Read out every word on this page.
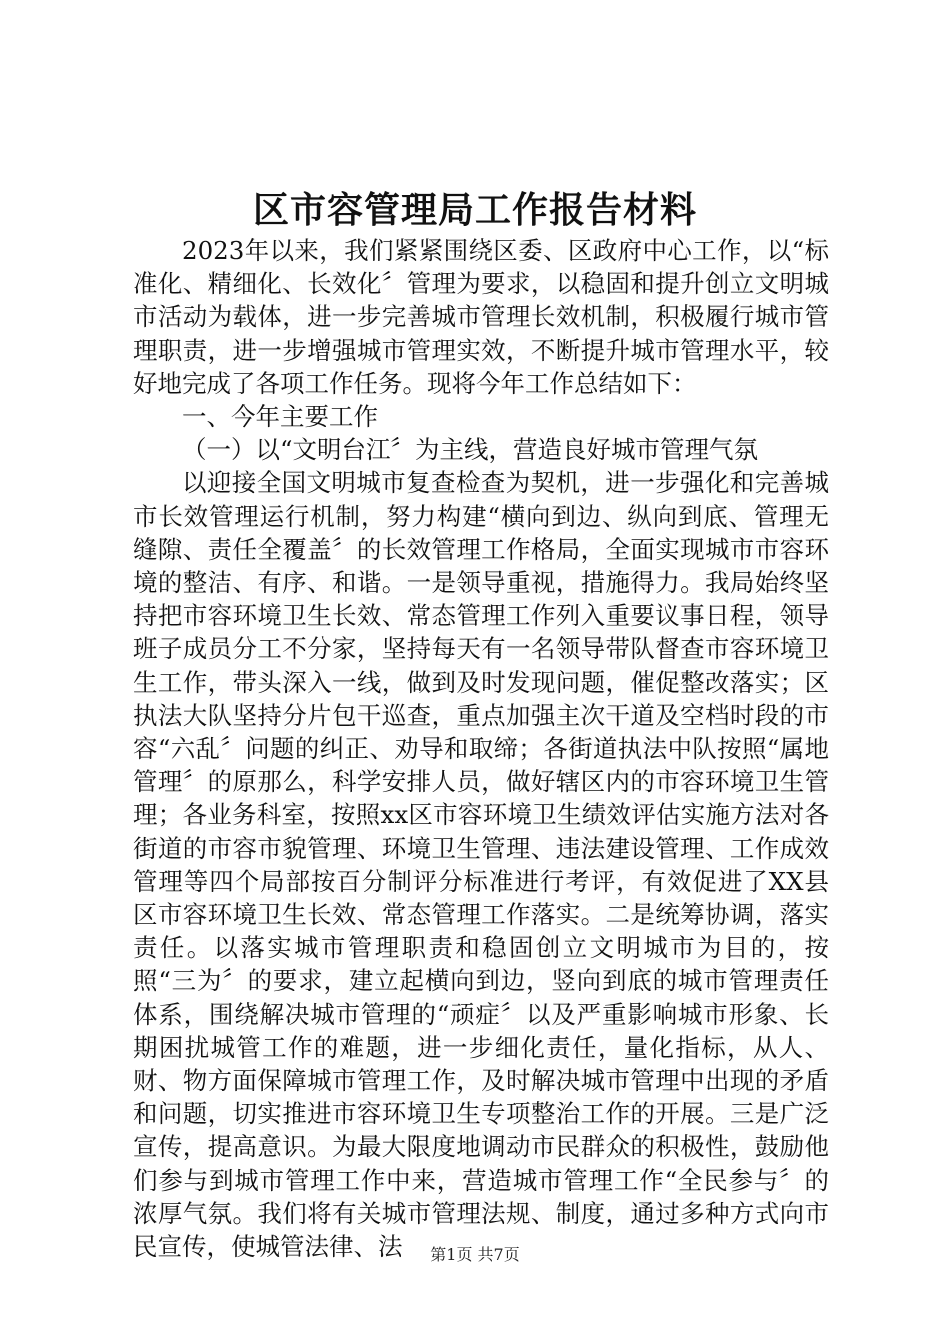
区市容管理局工作报告材料

2023年以来，我们紧紧围绕区委、区政府中心工作，以“标准化、精细化、长效化〞管理为要求，以稳固和提升创立文明城市活动为载体，进一步完善城市管理长效机制，积极履行城市管理职责，进一步增强城市管理实效，不断提升城市管理水平，较好地完成了各项工作任务。现将今年工作总结如下：

一、今年主要工作

（一）以“文明台江〞为主线，营造良好城市管理气氛

以迎接全国文明城市复查检查为契机，进一步强化和完善城市长效管理运行机制，努力构建“横向到边、纵向到底、管理无缝隙、责任全覆盖〞的长效管理工作格局，全面实现城市市容环境的整洁、有序、和谐。一是领导重视，措施得力。我局始终坚持把市容环境卫生长效、常态管理工作列入重要议事日程，领导班子成员分工不分家，坚持每天有一名领导带队督查市容环境卫生工作，带头深入一线，做到及时发现问题，催促整改落实；区执法大队坚持分片包干巡查，重点加强主次干道及空档时段的市容“六乱〞问题的纠正、劝导和取缔；各街道执法中队按照“属地管理〞的原那么，科学安排人员，做好辖区内的市容环境卫生管理；各业务科室，按照xx区市容环境卫生绩效评估实施方法对各街道的市容市貌管理、环境卫生管理、违法建设管理、工作成效管理等四个局部按百分制评分标准进行考评，有效促进了XX县区市容环境卫生长效、常态管理工作落实。二是统筹协调，落实责任。以落实城市管理职责和稳固创立文明城市为目的，按照“三为〞的要求，建立起横向到边，竖向到底的城市管理责任体系，围绕解决城市管理的“顽症〞以及严重影响城市形象、长期困扰城管工作的难题，进一步细化责任，量化指标，从人、财、物方面保障城市管理工作，及时解决城市管理中出现的矛盾和问题，切实推进市容环境卫生专项整治工作的开展。三是广泛宣传，提高意识。为最大限度地调动市民群众的积极性，鼓励他们参与到城市管理工作中来，营造城市管理工作“全民参与〞的浓厚气氛。我们将有关城市管理法规、制度，通过多种方式向市民宣传，使城管法律、法	第1页 共7页
